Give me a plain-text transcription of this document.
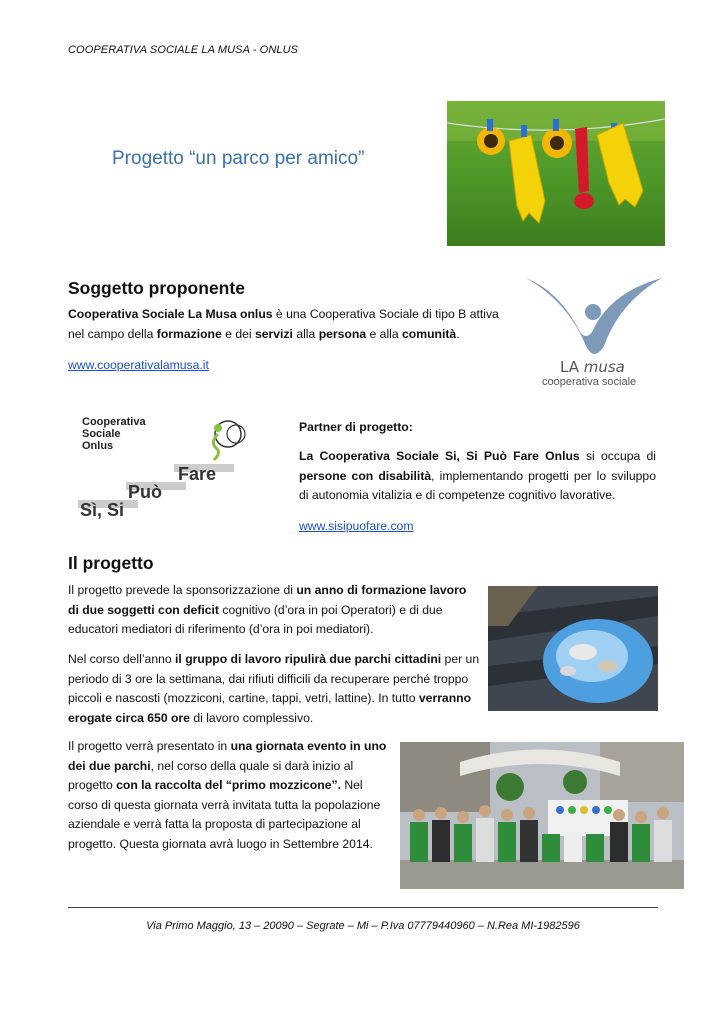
COOPERATIVA SOCIALE LA MUSA - ONLUS
Progetto “un parco per amico”
Soggetto proponente

Cooperativa Sociale La Musa onlus è una Cooperativa Sociale di tipo B attiva nel campo della formazione e dei servizi alla persona e alla comunità.

www.cooperativalamusa.it	LA musa
cooperativa sociale
Cooperativa
Sociale
Onlus
Fare
Può
Sì, Si

Partner di progetto:

La Cooperativa Sociale Si, Si Può Fare Onlus si occupa di persone con disabilità, implementando progetti per lo sviluppo di autonomia vitalizia e di competenze cognitivo lavorative.

www.sisipuofare.com
Il progetto

Il progetto prevede la sponsorizzazione di un anno di formazione lavoro di due soggetti con deficit cognitivo (d’ora in poi Operatori) e di due educatori mediatori di riferimento (d’ora in poi mediatori).

Nel corso dell’anno il gruppo di lavoro ripulirà due parchi cittadini per un periodo di 3 ore la settimana, dai rifiuti difficili da recuperare perché troppo piccoli e nascosti (mozziconi, cartine, tappi, vetri, lattine). In tutto verranno erogate circa 650 ore di lavoro complessivo.

Il progetto verrà presentato in una giornata evento in uno dei due parchi, nel corso della quale si darà inizio al progetto con la raccolta del “primo mozzicone”. Nel corso di questa giornata verrà invitata tutta la popolazione aziendale e verrà fatta la proposta di partecipazione al progetto. Questa giornata avrà luogo in Settembre 2014.

Via Primo Maggio, 13 – 20090 – Segrate – Mi – P.Iva 07779440960 – N.Rea MI-1982596
